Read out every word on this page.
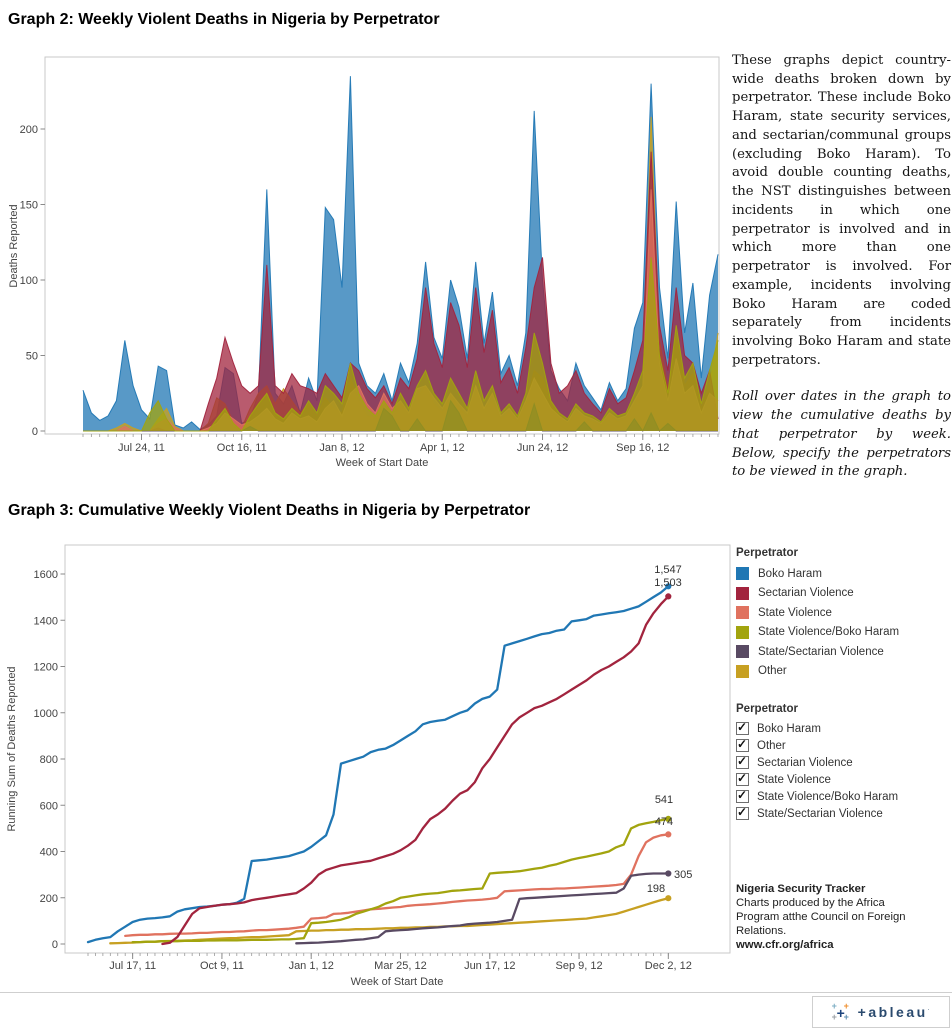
Graph 2: Weekly Violent Deaths in Nigeria by Perpetrator
0
50
100
150
200
Jul 24, 11	Oct 16, 11	Jan 8, 12	Apr 1, 12	Jun 24, 12	Sep 16, 12
Week of Start Date
Deaths Reported
1,547
1,503
541
474
305
198
0
200
400
600
800
1000
1200
1400
1600
Jul 17, 11	Oct 9, 11	Jan 1, 12	Mar 25, 12	Jun 17, 12	Sep 9, 12	Dec 2, 12
Week of Start Date
Running Sum of Deaths Reported

These graphs depict country-wide deaths broken down by perpetrator. These include Boko Haram, state security services, and sectarian/communal groups (excluding Boko Haram). To avoid double counting deaths, the NST distinguishes between incidents in which one perpetrator is involved and in which more than one perpetrator is involved. For example, incidents involving Boko Haram are coded separately from incidents involving Boko Haram and state perpetrators.

Roll over dates in the graph to view the cumulative deaths by that perpetrator by week. Below, specify the perpetrators to be viewed in the graph.

Graph 3: Cumulative Weekly Violent Deaths in Nigeria by Perpetrator
Perpetrator
Boko Haram
Sectarian Violence
State Violence
State Violence/Boko Haram
State/Sectarian Violence
Other
Perpetrator
✓ Boko Haram
✓ Other
✓ Sectarian Violence
✓ State Violence
✓ State Violence/Boko Haram
✓ State/Sectarian Violence
Nigeria Security Tracker
Charts produced by the Africa Program atthe Council on Foreign Relations.
www.cfr.org/africa
+ +
+
+ + +ableau ˙
